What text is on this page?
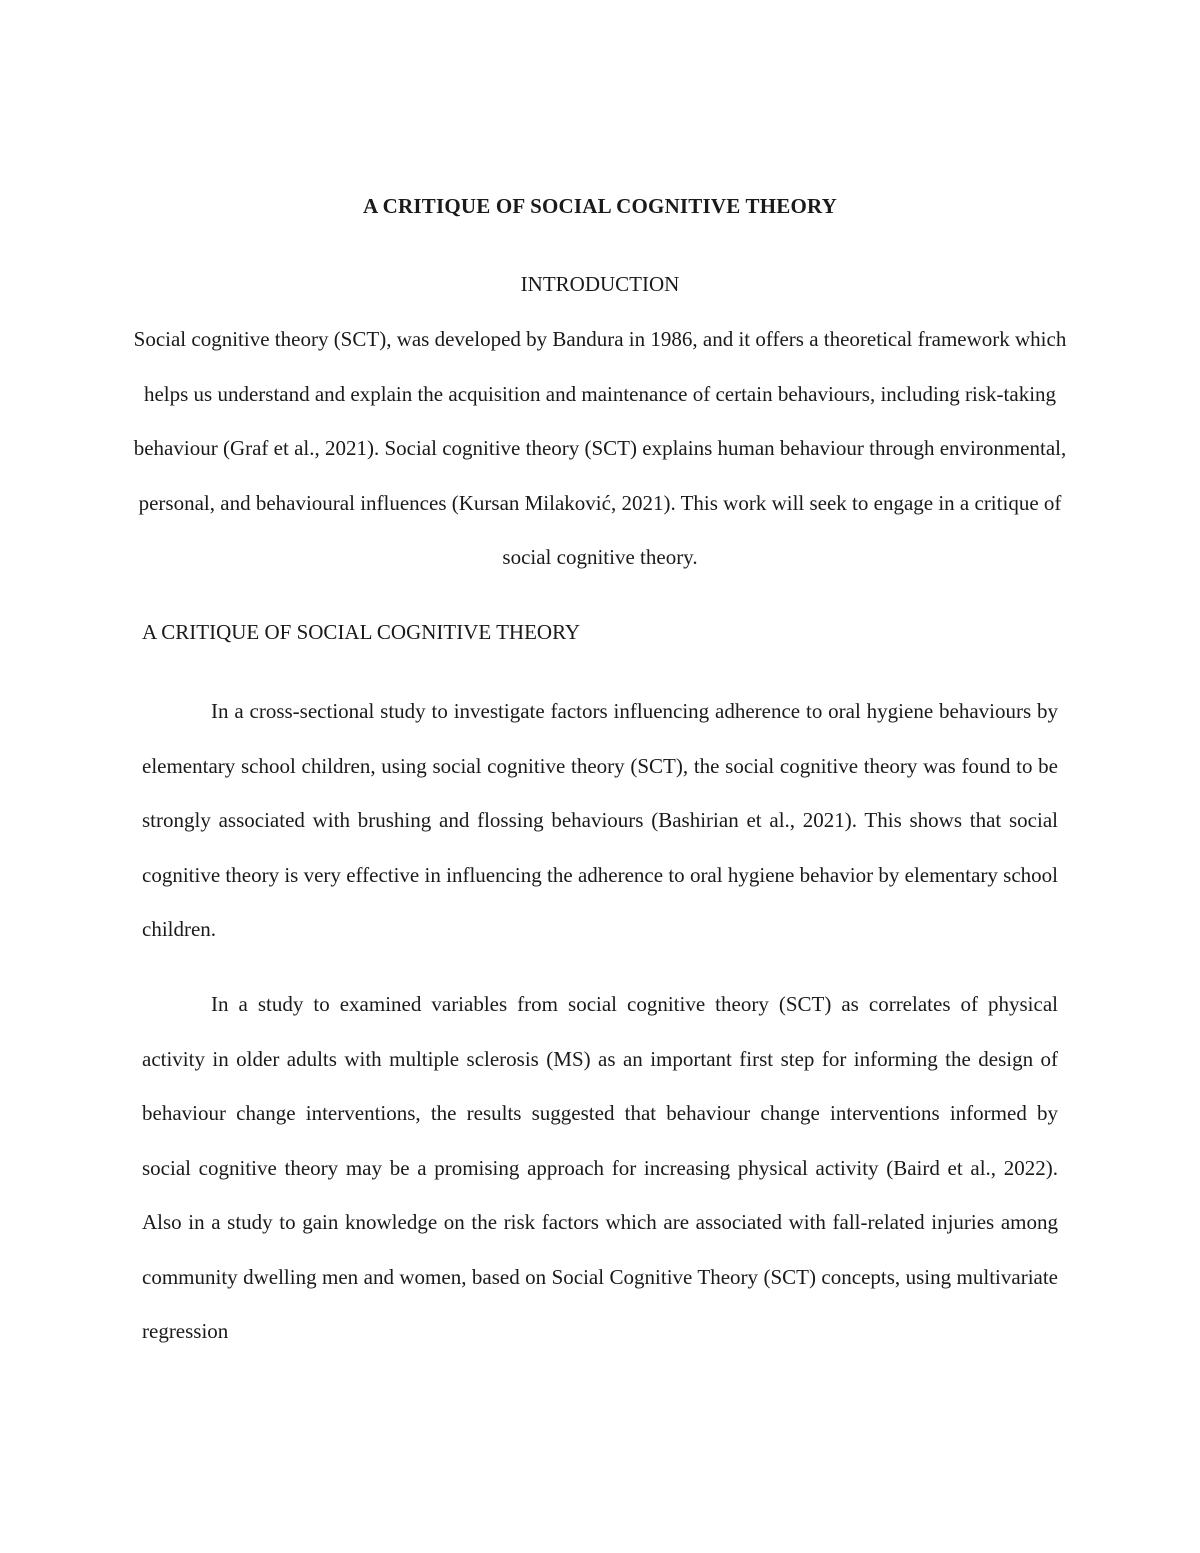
A CRITIQUE OF SOCIAL COGNITIVE THEORY
INTRODUCTION

Social cognitive theory (SCT), was developed by Bandura in 1986, and it offers a theoretical framework which helps us understand and explain the acquisition and maintenance of certain behaviours, including risk-taking behaviour (Graf et al., 2021). Social cognitive theory (SCT) explains human behaviour through environmental, personal, and behavioural influences (Kursan Milaković, 2021). This work will seek to engage in a critique of social cognitive theory.

A CRITIQUE OF SOCIAL COGNITIVE THEORY

In a cross-sectional study to investigate factors influencing adherence to oral hygiene behaviours by elementary school children, using social cognitive theory (SCT), the social cognitive theory was found to be strongly associated with brushing and flossing behaviours (Bashirian et al., 2021). This shows that social cognitive theory is very effective in influencing the adherence to oral hygiene behavior by elementary school children.

In a study to examined variables from social cognitive theory (SCT) as correlates of physical activity in older adults with multiple sclerosis (MS) as an important first step for informing the design of behaviour change interventions, the results suggested that behaviour change interventions informed by social cognitive theory may be a promising approach for increasing physical activity (Baird et al., 2022). Also in a study to gain knowledge on the risk factors which are associated with fall-related injuries among community dwelling men and women, based on Social Cognitive Theory (SCT) concepts, using multivariate regression
